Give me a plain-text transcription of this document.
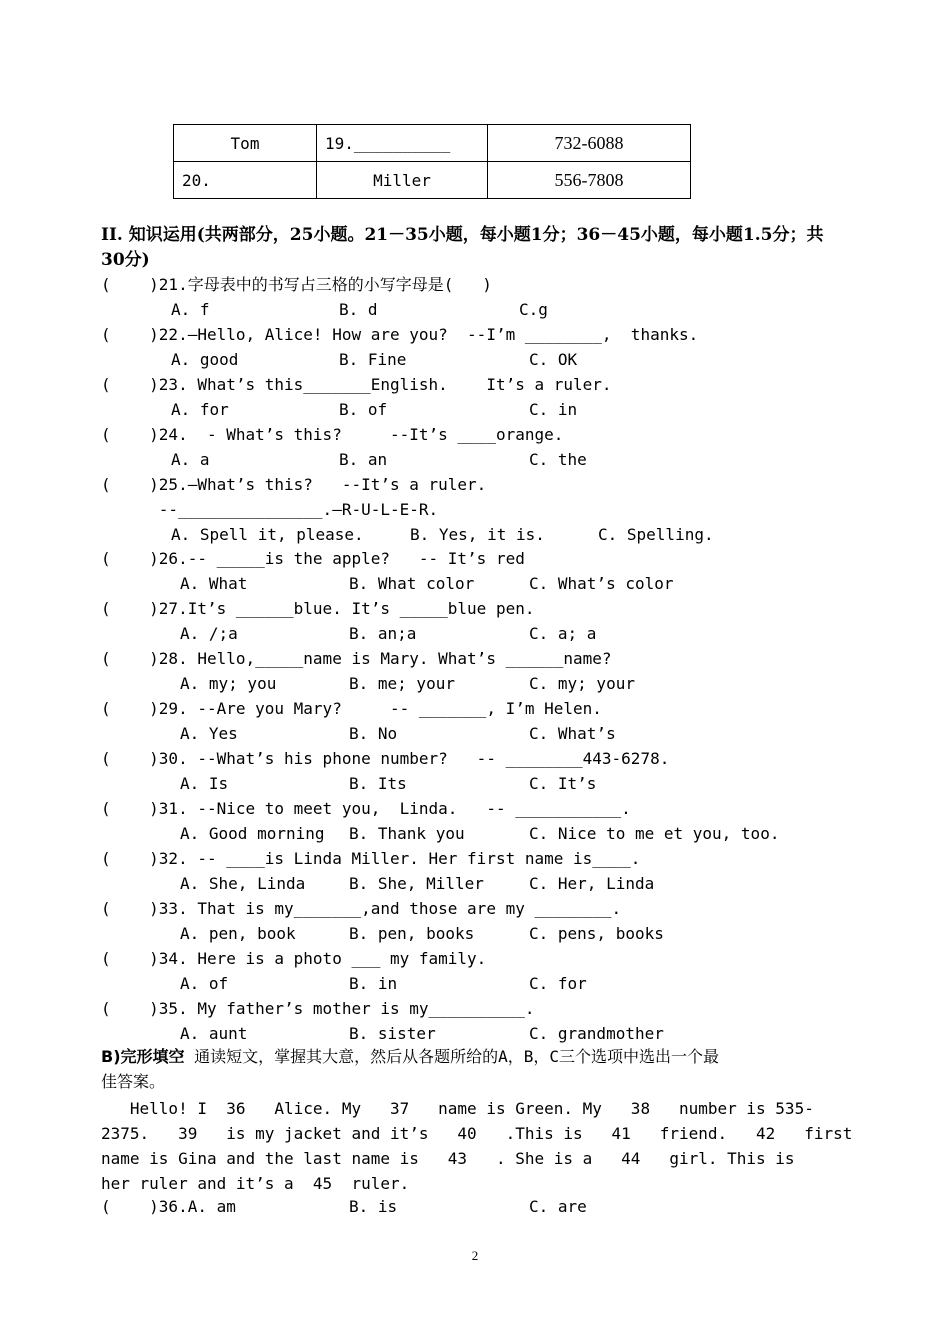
Tom	19.__________	732-6088
20.	Miller	556-7808
II. 知识运用(共两部分，25小题。21－35小题，每小题1分；36－45小题，每小题1.5分；共30分)
(    )21.字母表中的书写占三格的小写字母是(   )
A. f	B. d	C.g
(    )22.—Hello, Alice! How are you?  --I’m ________,  thanks.
A. good	B. Fine	C. OK
(    )23. What’s this_______English.    It’s a ruler.
A. for	B. of	C. in
(    )24.  - What’s this?     --It’s ____orange.
A. a	B. an	C. the
(    )25.—What’s this?   --It’s a ruler.
--_______________.—R-U-L-E-R.
A. Spell it, please.	B. Yes, it is.	C. Spelling.
(    )26.-- _____is the apple?   -- It’s red
A. What	B. What color	C. What’s color
(    )27.It’s ______blue. It’s _____blue pen.
A. /;a	B. an;a	C. a; a
(    )28. Hello,_____name is Mary. What’s ______name?
A. my; you	B. me; your	C. my; your
(    )29. --Are you Mary?     -- _______, I’m Helen.
A. Yes	B. No	C. What’s
(    )30. --What’s his phone number?   -- ________443-6278.
A. Is	B. Its	C. It’s
(    )31. --Nice to meet you,  Linda.   -- ___________.
A. Good morning B. Thank you	C. Nice to me et you, too.
(    )32. -- ____is Linda Miller. Her first name is____.
A. She, Linda	B. She, Miller	C. Her, Linda
(    )33. That is my_______,and those are my ________.
A. pen, book	B. pen, books	C. pens, books
(    )34. Here is a photo ___ my family.
A. of	B. in	C. for
(    )35. My father’s mother is my__________.
A. aunt	B. sister	C. grandmother
B)完形填空 通读短文，掌握其大意，然后从各题所给的A，B，C三个选项中选出一个最
佳答案。
Hello! I  36   Alice. My   37   name is Green. My   38   number is 535-
2375.   39   is my jacket and it’s   40   .This is   41   friend.   42   first
name is Gina and the last name is   43   . She is a   44   girl. This is
her ruler and it’s a  45  ruler.
(    )36.A. am	B. is	C. are
2
